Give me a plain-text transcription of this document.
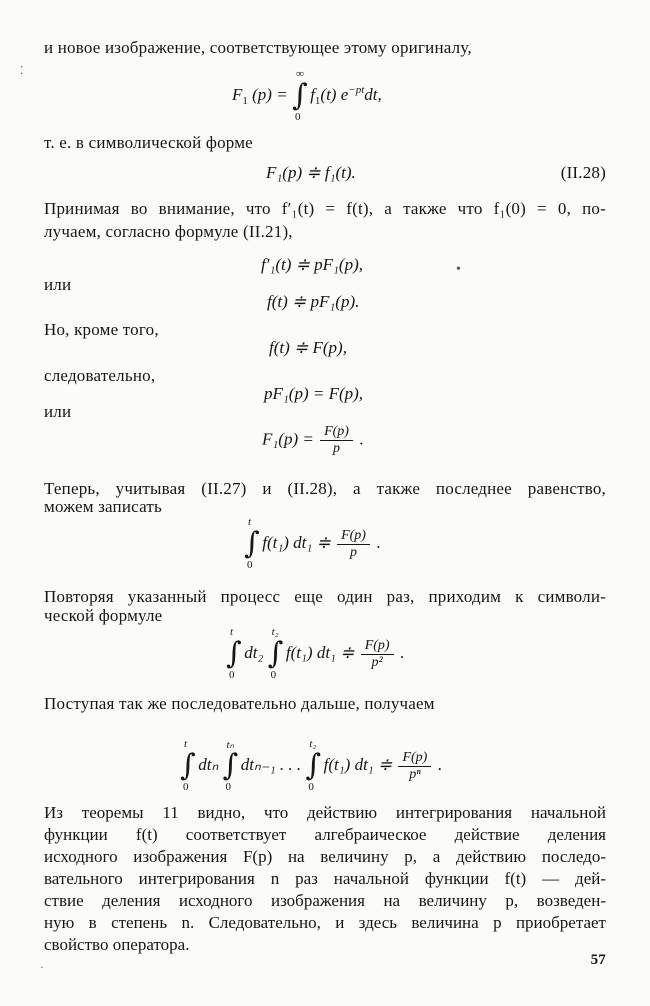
и новое изображение, соответствующее этому оригиналу,
⁚
$F_1$ (p) = ∫
∞
0
$f_1(t)$ $e^{-pt}dt$,
т. е. в символической форме
F₁(p) ≑ f₁(t).	(II.28)
Принимая во внимание, что f′₁(t) = f(t), а также что f₁(0) = 0, по-
лучаем, согласно формуле (II.21),
f′₁(t) ≑ pF₁(p),	•
или
f(t) ≑ pF₁(p).
Но, кроме того,
f(t) ≑ F(p),
следовательно,
pF₁(p) = F(p),
или
$F_1(p) = \frac{F(p)}{p}$ .
Теперь, учитывая (II.27) и (II.28), а также последнее равенство,
можем записать
∫
t
0
f(t₁) dt₁ ≑ $\frac{F(p)}{p}$ .
Повторяя указанный процесс еще один раз, приходим к символи-
ческой формуле
∫
t
0
dt₂ ∫
t₂
0
f(t₁) dt₁ ≑ $\frac{F(p)}{\text{p²}}$ .
Поступая так же последовательно дальше, получаем
∫
t
0
dtₙ ∫
tₙ
0
dtₙ₋₁ . . . ∫
t₂
0
f(t₁) dt₁ ≑ $\frac{F(p)}{\text{pⁿ}}$ .
Из теоремы 11 видно, что действию интегрирования начальной
функции f(t) соответствует алгебраическое действие деления
исходного изображения F(p) на величину p, а действию последо-
вательного интегрирования n раз начальной функции f(t) — дей-
ствие деления исходного изображения на величину p, возведен-
ную в степень n. Следовательно, и здесь величина p приобретает
свойство оператора.
·	57
